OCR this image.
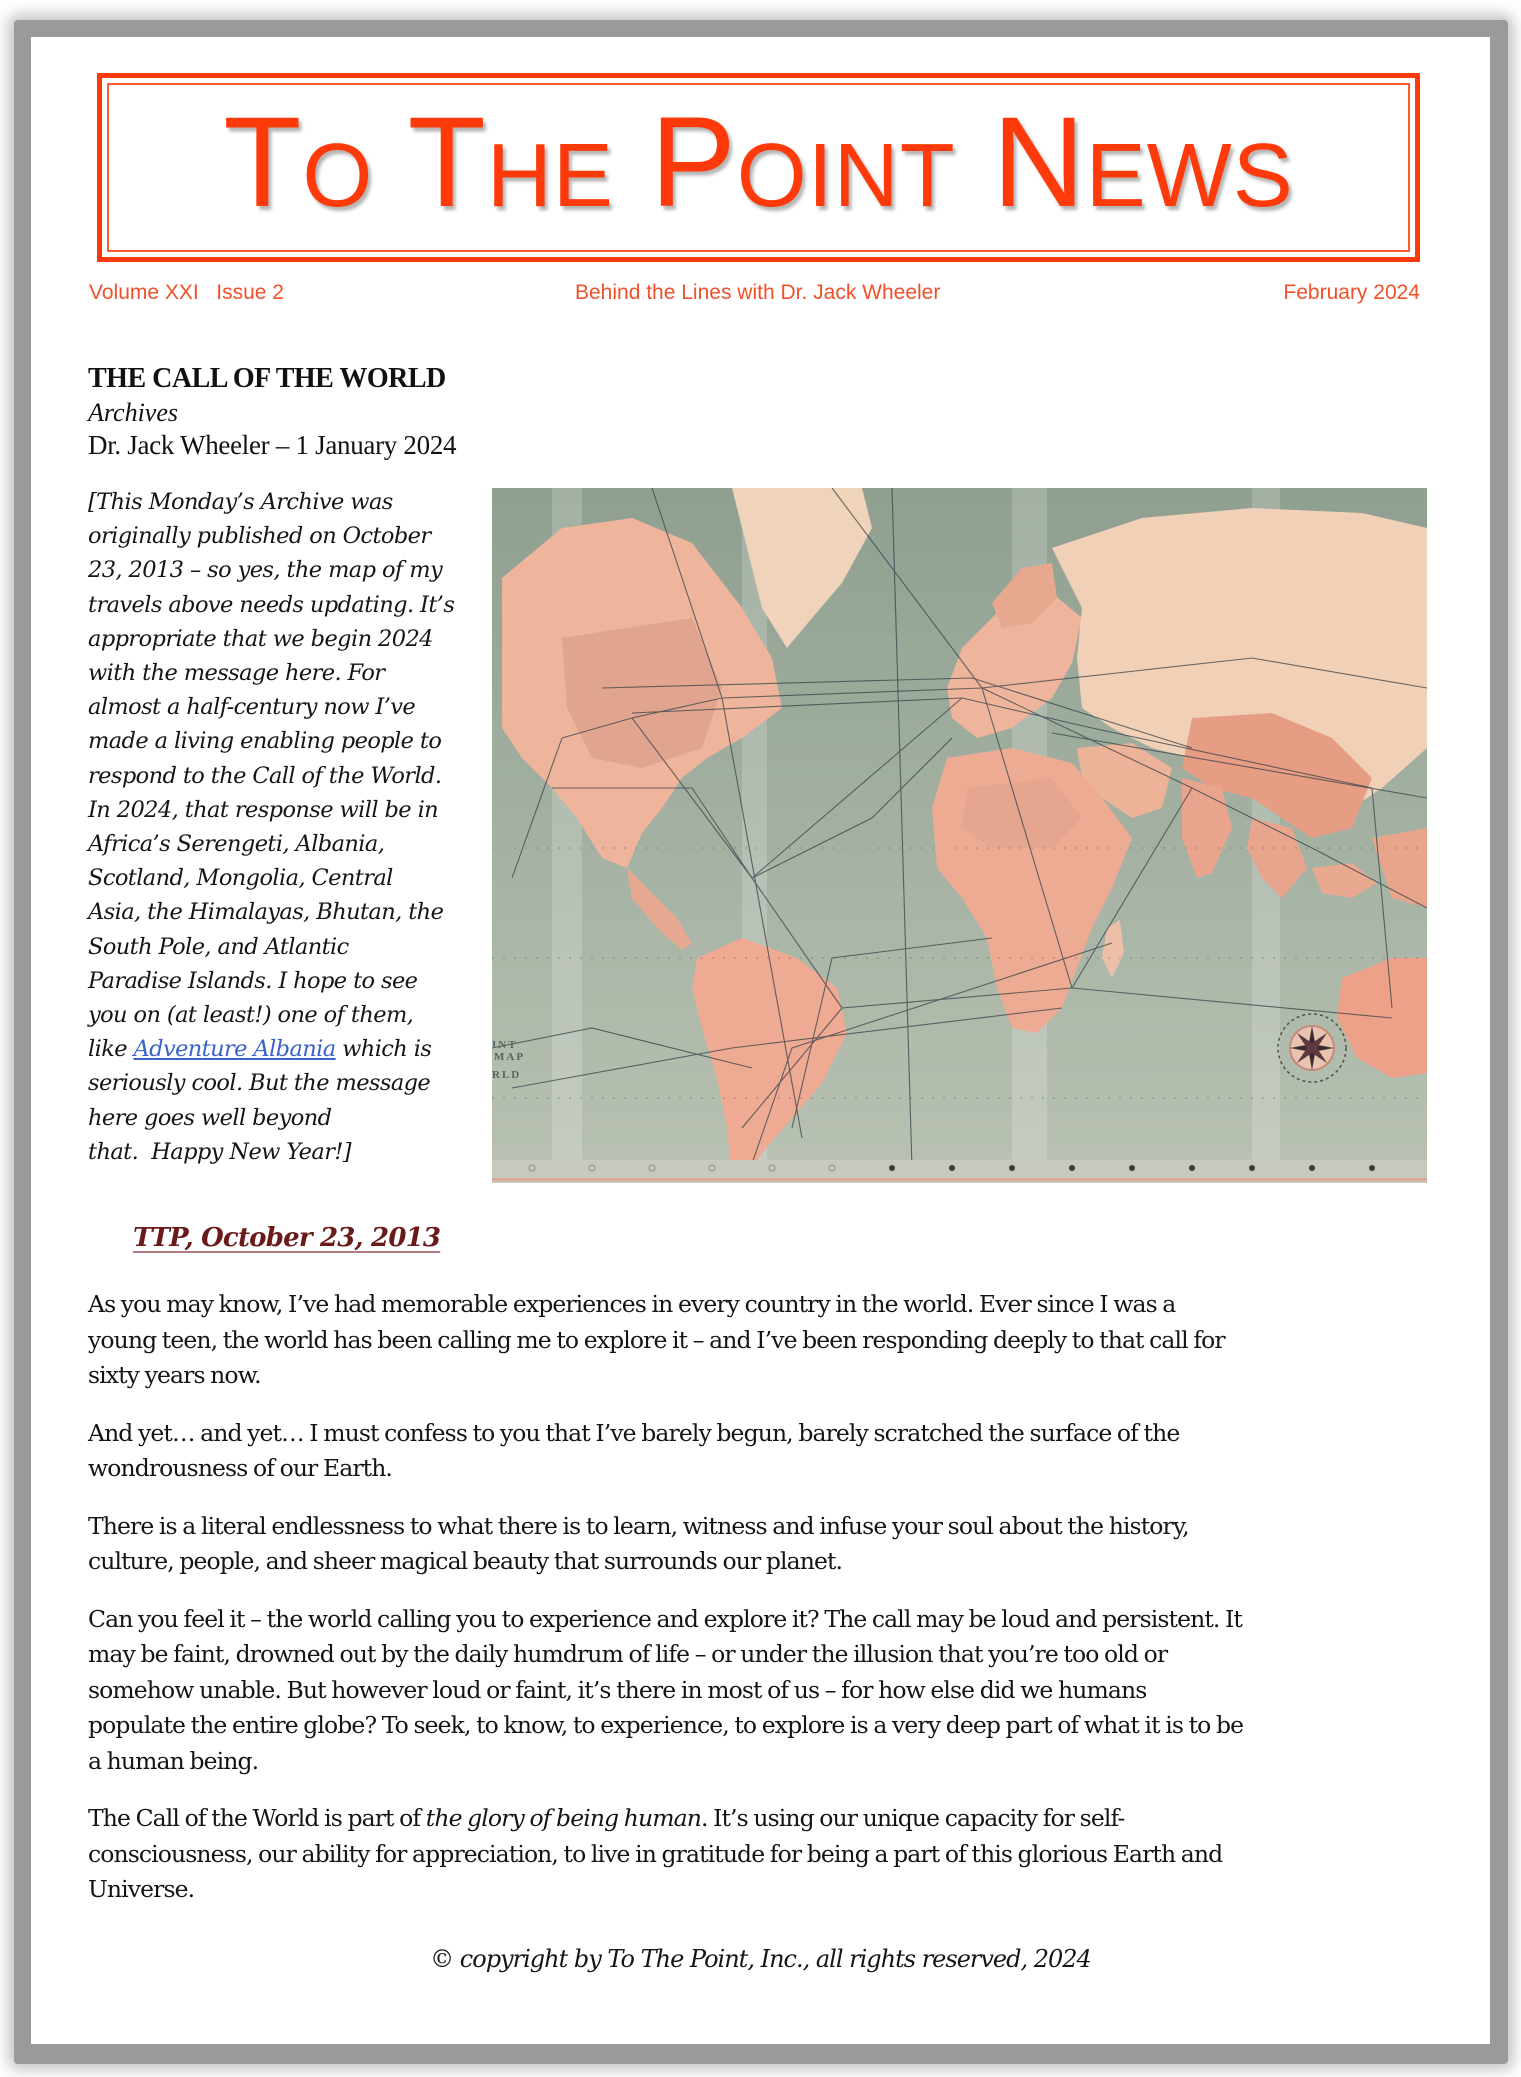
To The Point News
Volume XXI   Issue 2	Behind the Lines with Dr. Jack Wheeler	February 2024
THE CALL OF THE WORLD
Archives
Dr. Jack Wheeler – 1 January 2024
[This Monday’s Archive was
originally published on October
23, 2013 – so yes, the map of my
travels above needs updating. It’s
appropriate that we begin 2024
with the message here. For
almost a half-century now I’ve
made a living enabling people to
respond to the Call of the World.
In 2024, that response will be in
Africa’s Serengeti, Albania,
Scotland, Mongolia, Central
Asia, the Himalayas, Bhutan, the
South Pole, and Atlantic
Paradise Islands. I hope to see
you on (at least!) one of them,
like Adventure Albania which is
seriously cool. But the message
here goes well beyond
that.  Happy New Year!]
INT
MAP
RLD
TTP, October 23, 2013

As you may know, I’ve had memorable experiences in every country in the world. Ever since I was a
young teen, the world has been calling me to explore it – and I’ve been responding deeply to that call for
sixty years now.

And yet… and yet… I must confess to you that I’ve barely begun, barely scratched the surface of the
wondrousness of our Earth.

There is a literal endlessness to what there is to learn, witness and infuse your soul about the history,
culture, people, and sheer magical beauty that surrounds our planet.

Can you feel it – the world calling you to experience and explore it? The call may be loud and persistent. It
may be faint, drowned out by the daily humdrum of life – or under the illusion that you’re too old or
somehow unable. But however loud or faint, it’s there in most of us – for how else did we humans
populate the entire globe? To seek, to know, to experience, to explore is a very deep part of what it is to be
a human being.

The Call of the World is part of the glory of being human. It’s using our unique capacity for self-
consciousness, our ability for appreciation, to live in gratitude for being a part of this glorious Earth and
Universe.

© copyright by To The Point, Inc., all rights reserved, 2024
